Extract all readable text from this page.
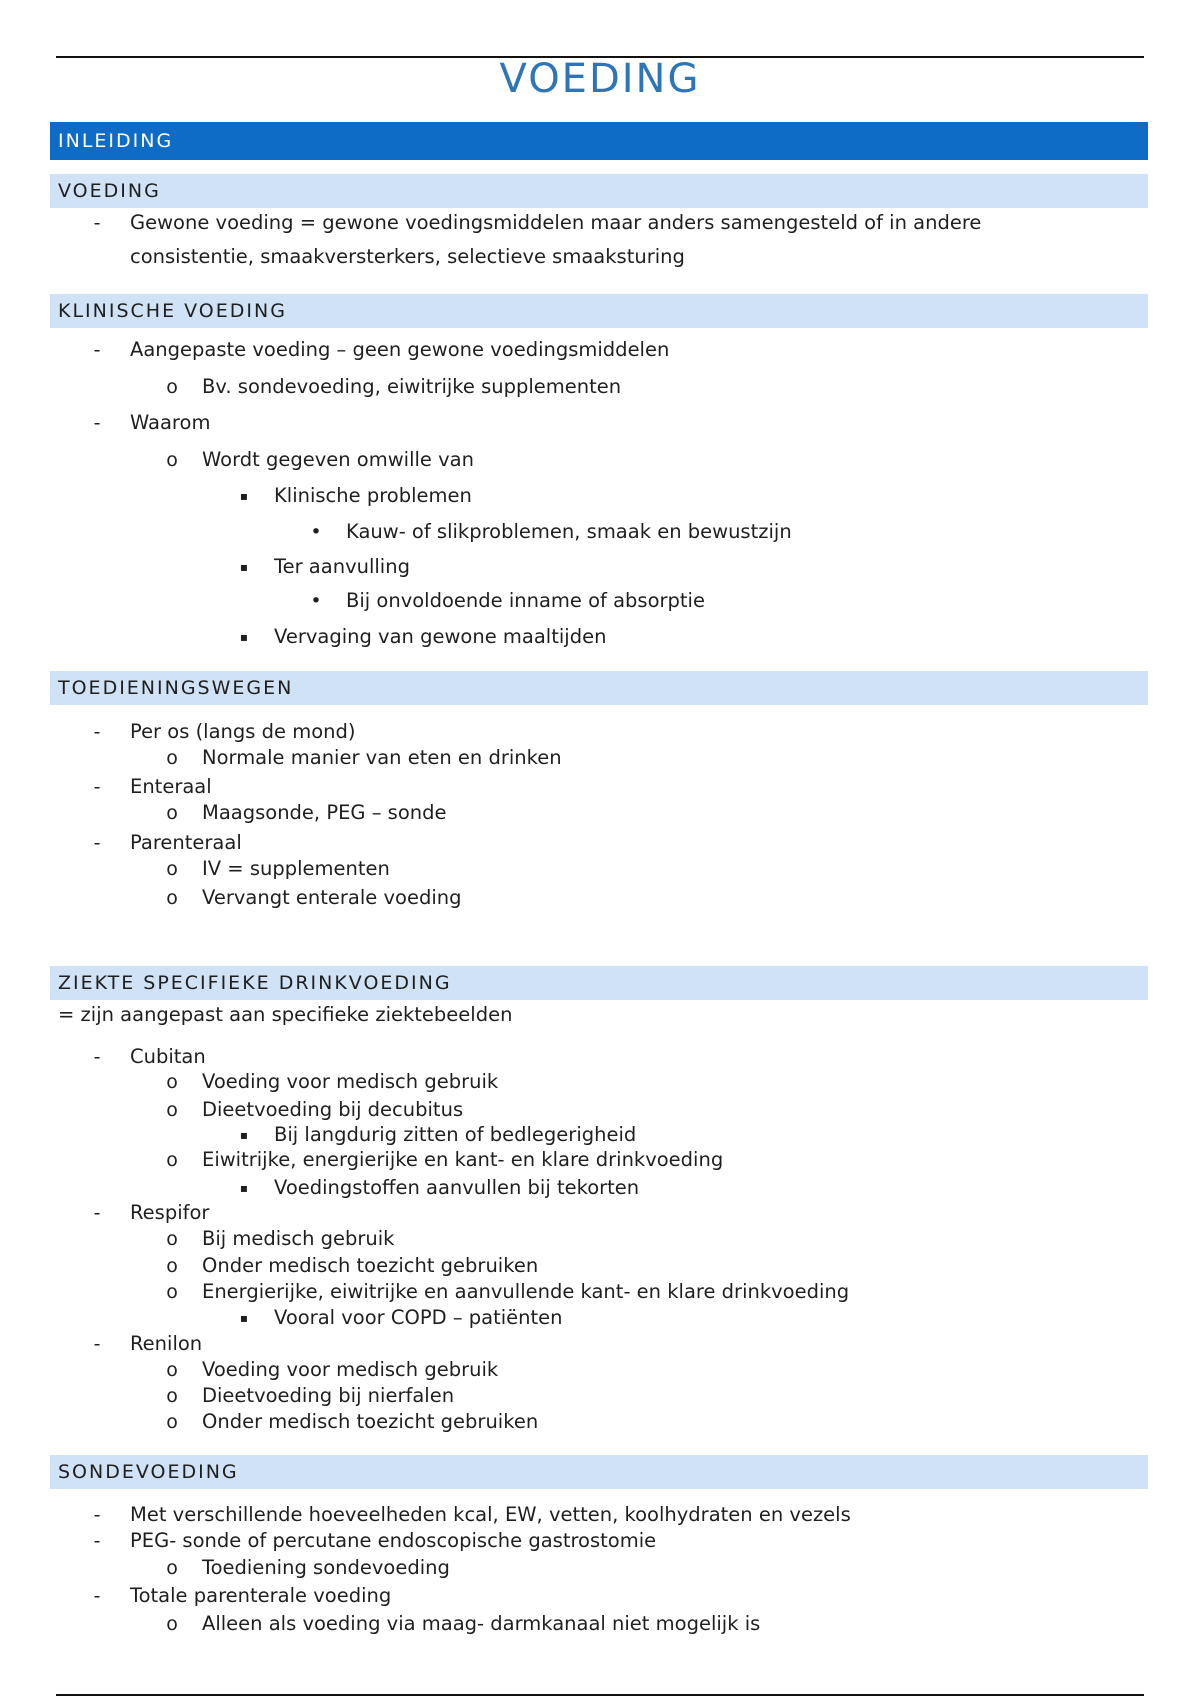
VOEDING
INLEIDING
VOEDING
-	Gewone voeding = gewone voedingsmiddelen maar anders samengesteld of in andere
consistentie, smaakversterkers, selectieve smaaksturing
KLINISCHE VOEDING
-	Aangepaste voeding – geen gewone voedingsmiddelen
o Bv. sondevoeding, eiwitrijke supplementen
-	Waarom
o Wordt gegeven omwille van
▪	Klinische problemen
• Kauw- of slikproblemen, smaak en bewustzijn
▪	Ter aanvulling
• Bij onvoldoende inname of absorptie
▪	Vervaging van gewone maaltijden
TOEDIENINGSWEGEN
-	Per os (langs de mond)
o Normale manier van eten en drinken
-	Enteraal
o Maagsonde, PEG – sonde
-	Parenteraal
o IV = supplementen
o Vervangt enterale voeding
ZIEKTE SPECIFIEKE DRINKVOEDING
= zijn aangepast aan specifieke ziektebeelden
-	Cubitan
o Voeding voor medisch gebruik
o Dieetvoeding bij decubitus
▪	Bij langdurig zitten of bedlegerigheid
o Eiwitrijke, energierijke en kant- en klare drinkvoeding
▪	Voedingstoffen aanvullen bij tekorten
-	Respifor
o Bij medisch gebruik
o Onder medisch toezicht gebruiken
o Energierijke, eiwitrijke en aanvullende kant- en klare drinkvoeding
▪	Vooral voor COPD – patiënten
-	Renilon
o Voeding voor medisch gebruik
o Dieetvoeding bij nierfalen
o Onder medisch toezicht gebruiken
SONDEVOEDING
-	Met verschillende hoeveelheden kcal, EW, vetten, koolhydraten en vezels
-	PEG- sonde of percutane endoscopische gastrostomie
o Toediening sondevoeding
-	Totale parenterale voeding
o Alleen als voeding via maag- darmkanaal niet mogelijk is
